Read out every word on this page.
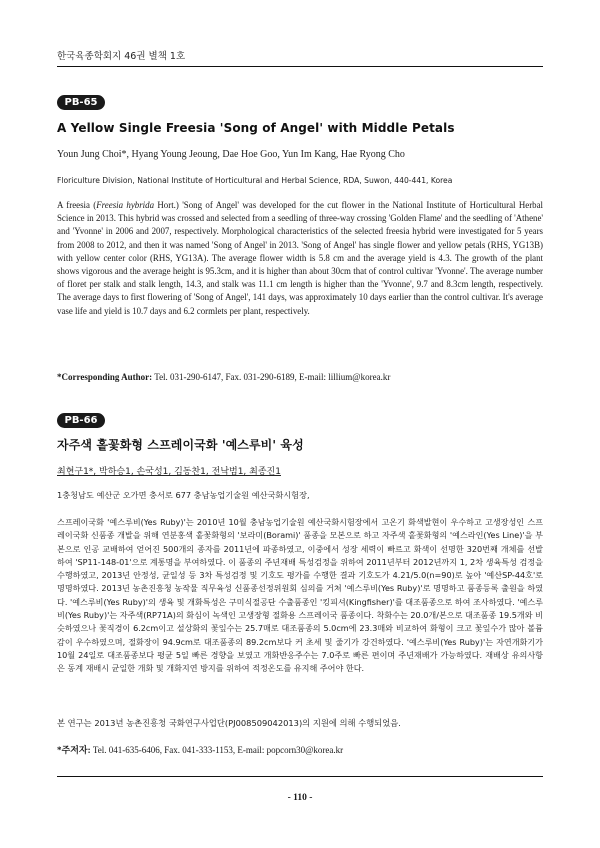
한국육종학회지 46권 별책 1호
PB-65
A Yellow Single Freesia 'Song of Angel' with Middle Petals
Youn Jung Choi*, Hyang Young Jeoung, Dae Hoe Goo, Yun Im Kang, Hae Ryong Cho
Floriculture Division, National Institute of Horticultural and Herbal Science, RDA, Suwon, 440-441, Korea
A freesia (Freesia hybrida Hort.) 'Song of Angel' was developed for the cut flower in the National Institute of Horticultural Herbal Science in 2013. This hybrid was crossed and selected from a seedling of three-way crossing 'Golden Flame' and the seedling of 'Athene' and 'Yvonne' in 2006 and 2007, respectively. Morphological characteristics of the selected freesia hybrid were investigated for 5 years from 2008 to 2012, and then it was named 'Song of Angel' in 2013. 'Song of Angel' has single flower and yellow petals (RHS, YG13B) with yellow center color (RHS, YG13A). The average flower width is 5.8 cm and the average yield is 4.3. The growth of the plant shows vigorous and the average height is 95.3cm, and it is higher than about 30cm that of control cultivar 'Yvonne'. The average number of floret per stalk and stalk length, 14.3, and stalk was 11.1 cm length is higher than the 'Yvonne', 9.7 and 8.3cm length, respectively. The average days to first flowering of 'Song of Angel', 141 days, was approximately 10 days earlier than the control cultivar. It's average vase life and yield is 10.7 days and 6.2 cormlets per plant, respectively.
*Corresponding Author: Tel. 031-290-6147, Fax. 031-290-6189, E-mail: lillium@korea.kr
PB-66
자주색 홑꽃화형 스프레이국화 '예스루비' 육성
최현구1*, 박하승1, 손국성1, 김동찬1, 전낙범1, 최종진1
1충청남도 예산군 오가면 충서로 677 충남농업기술원 예산국화시험장,
스프레이국화 '예스루비(Yes Ruby)'는 2010년 10월 충남농업기술원 예산국화시험장에서 고온기 화색발현이 우수하고 고생장성인 스프레이국화 신품종 개발을 위해 연분홍색 홑꽃화형의 '보라미(Borami)' 품종을 모본으로 하고 자주색 홑꽃화형의 '예스라인(Yes Line)'을 부본으로 인공 교배하여 얻어진 500개의 종자를 2011년에 파종하였고, 이중에서 성장 세력이 빠르고 화색이 선명한 320번째 개체를 선발하여 'SP11-148-01'으로 계통명을 부여하였다. 이 품종의 주년재배 특성검정을 위하여 2011년부터 2012년까지 1, 2차 생육특성 검정을 수행하였고, 2013년 안정성, 균일성 등 3차 특성검정 및 기호도 평가를 수행한 결과 기호도가 4.21/5.0(n=90)로 높아 '예산SP-44호'로 명명하였다. 2013년 농촌진흥청 농작물 직무육성 신품종선정위원회 심의를 거쳐 '예스루비(Yes Ruby)'로 명명하고 품종등록 출원을 하였다. '예스루비(Yes Ruby)'의 생육 및 개화특성은 구미식절공단 수출품종인 '킹피셔(Kingfisher)'를 대조품종으로 하여 조사하였다. '예스루비(Yes Ruby)'는 자주색(RP71A)의 화심이 녹색인 고생장형 절화용 스프레이국 품종이다. 착화수는 20.0개/본으로 대조품종 19.5개와 비슷하였으나 꽃직경이 6.2cm이고 설상화의 꽃잎수는 25.7매로 대조품종의 5.0cm에 23.3매와 비교하여 화형이 크고 꽃잎수가 많아 볼륨감이 우수하였으며, 절화장이 94.9cm로 대조품종의 89.2cm보다 커 초세 및 줄기가 강건하였다. '예스루비(Yes Ruby)'는 자연개화기가 10월 24일로 대조품종보다 평균 5일 빠른 경향을 보였고 개화반응주수는 7.0주로 빠른 편이며 주년재배가 가능하였다. 재배상 유의사항은 동계 재배시 균일한 개화 및 개화지연 방지를 위하여 적정온도를 유지해 주어야 한다.
본 연구는 2013년 농촌진흥청 국화연구사업단(PJ008509042013)의 지원에 의해 수행되었음.
*주저자: Tel. 041-635-6406, Fax. 041-333-1153, E-mail: popcorn30@korea.kr
- 110 -
